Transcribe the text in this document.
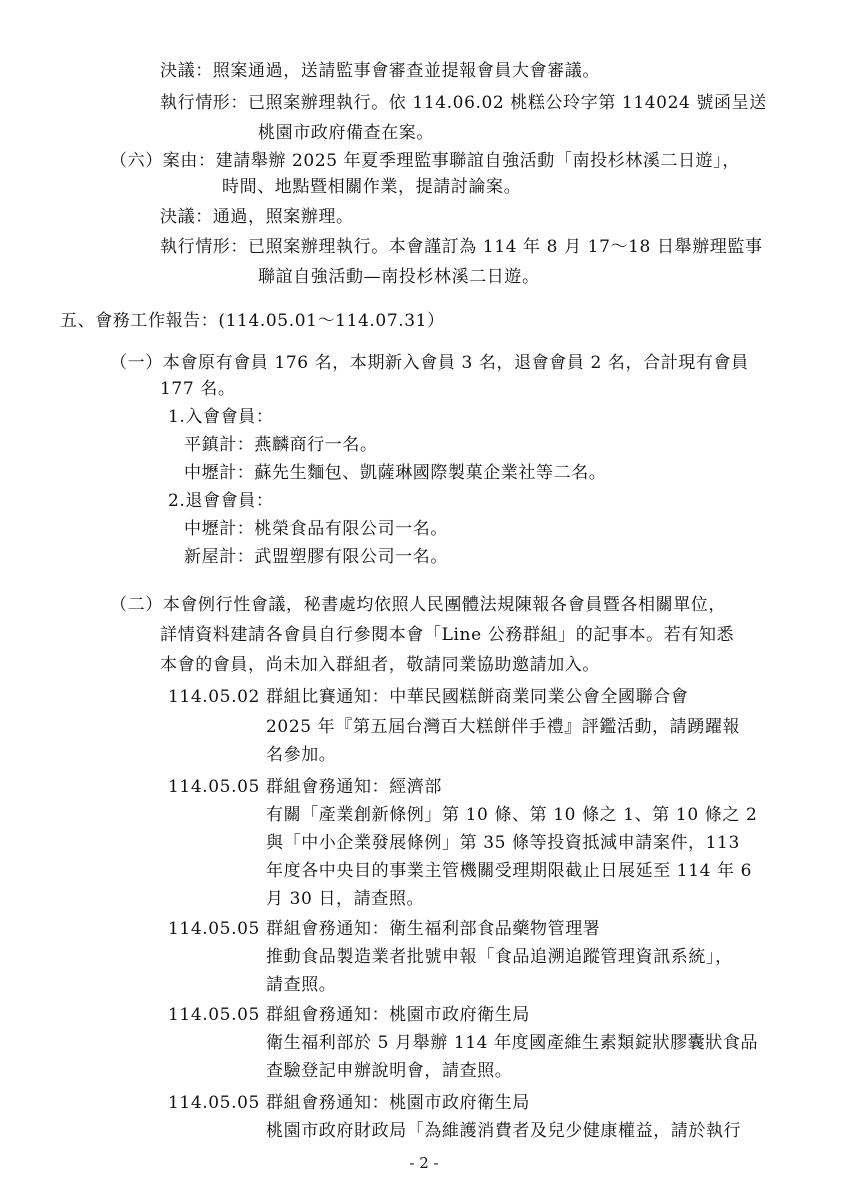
決議：照案通過，送請監事會審查並提報會員大會審議。
執行情形：已照案辦理執行。依 114.06.02 桃糕公玲字第 114024 號函呈送
桃園市政府備查在案。
（六）案由：建請舉辦 2025 年夏季理監事聯誼自強活動「南投杉林溪二日遊」，
時間、地點暨相關作業，提請討論案。
決議：通過，照案辦理。
執行情形：已照案辦理執行。本會謹訂為 114 年 8 月 17～18 日舉辦理監事
聯誼自強活動—南投杉林溪二日遊。
五、會務工作報告：(114.05.01～114.07.31）
（一）本會原有會員 176 名，本期新入會員 3 名，退會會員 2 名，合計現有會員
177 名。
1.入會會員：
平鎮計：燕麟商行一名。
中壢計：蘇先生麵包、凱薩琳國際製菓企業社等二名。
2.退會會員：
中壢計：桃榮食品有限公司一名。
新屋計：武盟塑膠有限公司一名。
（二）本會例行性會議，秘書處均依照人民團體法規陳報各會員暨各相關單位，
詳情資料建請各會員自行參閱本會「Line 公務群組」的記事本。若有知悉
本會的會員，尚未加入群組者，敬請同業協助邀請加入。
114.05.02 群組比賽通知：中華民國糕餅商業同業公會全國聯合會
2025 年『第五屆台灣百大糕餅伴手禮』評鑑活動，請踴躍報
名參加。
114.05.05 群組會務通知：經濟部
有關「產業創新條例」第 10 條、第 10 條之 1、第 10 條之 2
與「中小企業發展條例」第 35 條等投資抵減申請案件，113
年度各中央目的事業主管機關受理期限截止日展延至 114 年 6
月 30 日，請查照。
114.05.05 群組會務通知：衛生福利部食品藥物管理署
推動食品製造業者批號申報「食品追溯追蹤管理資訊系統」，
請查照。
114.05.05 群組會務通知：桃園市政府衛生局
衛生福利部於 5 月舉辦 114 年度國產維生素類錠狀膠囊狀食品
查驗登記申辦說明會，請查照。
114.05.05 群組會務通知：桃園市政府衛生局
桃園市政府財政局「為維護消費者及兒少健康權益，請於執行
- 2 -
